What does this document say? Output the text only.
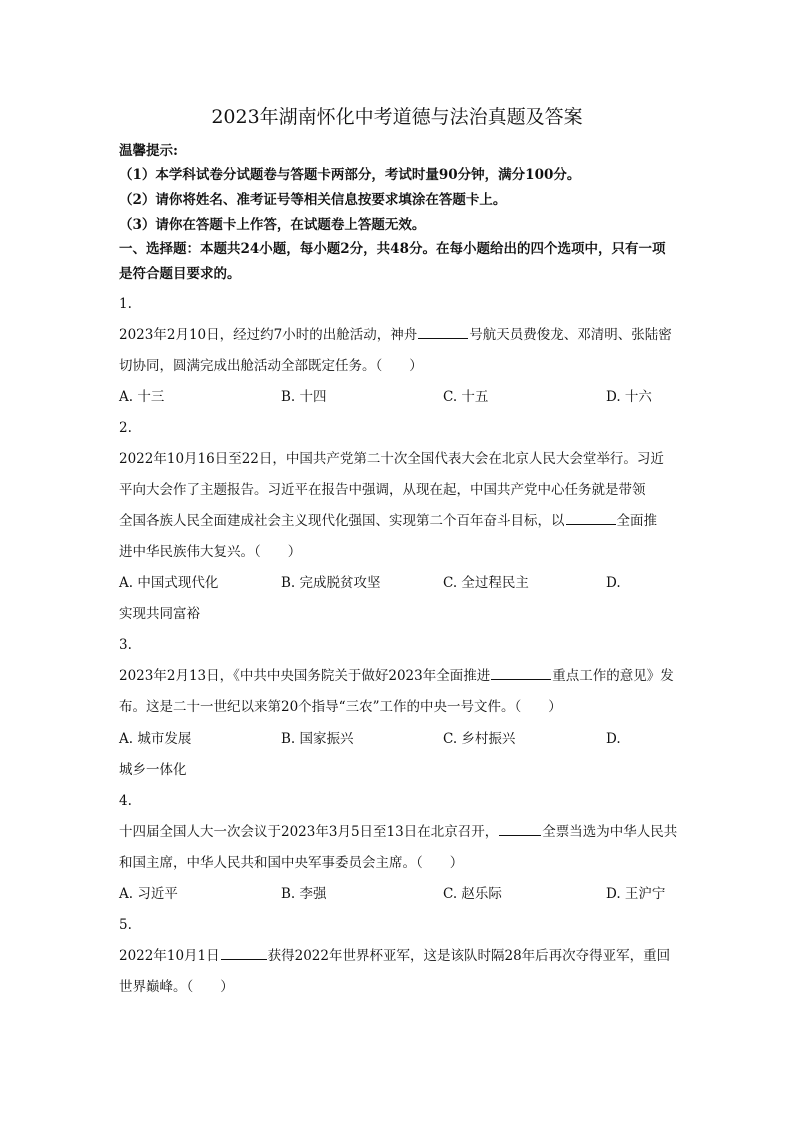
2023年湖南怀化中考道德与法治真题及答案
温馨提示:
（1）本学科试卷分试题卷与答题卡两部分，考试时量90分钟，满分100分。
（2）请你将姓名、准考证号等相关信息按要求填涂在答题卡上。
（3）请你在答题卡上作答，在试题卷上答题无效。
一、选择题：本题共24小题，每小题2分，共48分。在每小题给出的四个选项中，只有一项
是符合题目要求的。
1.
2023年2月10日，经过约7小时的出舱活动，神舟	号航天员费俊龙、邓清明、张陆密
切协同，圆满完成出舱活动全部既定任务。（　　）
A. 十三	B. 十四	C. 十五	D. 十六
2.
2022年10月16日至22日，中国共产党第二十次全国代表大会在北京人民大会堂举行。习近
平向大会作了主题报告。习近平在报告中强调，从现在起，中国共产党中心任务就是带领
全国各族人民全面建成社会主义现代化强国、实现第二个百年奋斗目标，以	全面推
进中华民族伟大复兴。（　　）
A. 中国式现代化	B. 完成脱贫攻坚	C. 全过程民主	D.
实现共同富裕
3.
2023年2月13日，《中共中央国务院关于做好2023年全面推进	重点工作的意见》发
布。这是二十一世纪以来第20个指导“三农”工作的中央一号文件。（　　）
A. 城市发展	B. 国家振兴	C. 乡村振兴	D.
城乡一体化
4.
十四届全国人大一次会议于2023年3月5日至13日在北京召开，	全票当选为中华人民共
和国主席，中华人民共和国中央军事委员会主席。（　　）
A. 习近平	B. 李强	C. 赵乐际	D. 王沪宁
5.
2022年10月1日	获得2022年世界杯亚军，这是该队时隔28年后再次夺得亚军，重回
世界巅峰。（　　）
